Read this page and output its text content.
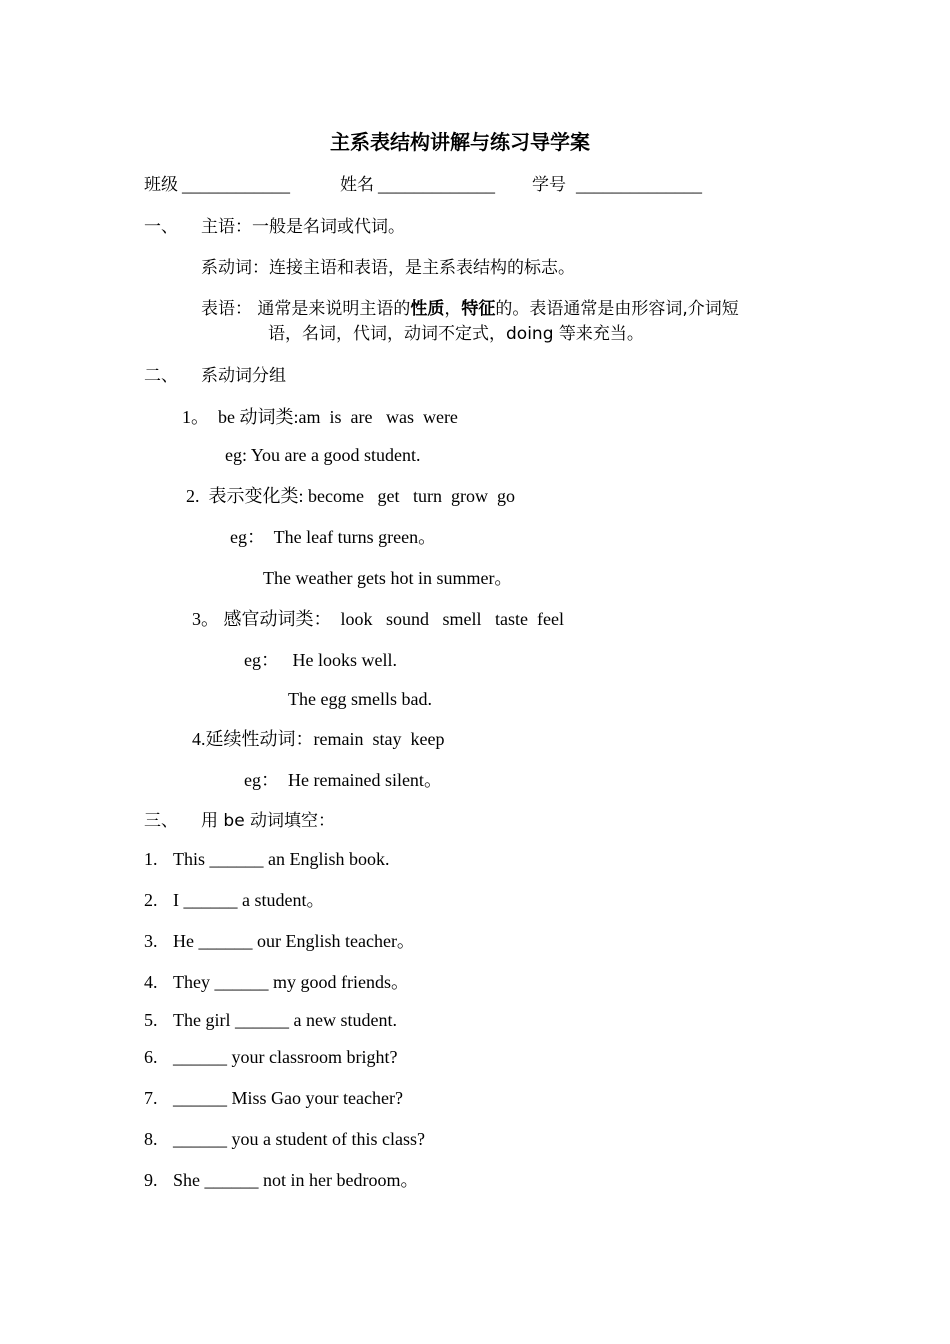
主系表结构讲解与练习导学案
班级 ____________	姓名 _____________ 学号 ______________
一、 主语：一般是名词或代词。
系动词：连接主语和表语，是主系表结构的标志。
表语： 通常是来说明主语的性质，特征的。表语通常是由形容词,介词短
语，名词，代词，动词不定式，doing 等来充当。
二、 系动词分组
1。  be 动词类:am  is  are   was  were
eg: You are a good student.
2.  表示变化类: become   get   turn  grow  go
eg：  The leaf turns green。
The weather gets hot in summer。
3。 感官动词类：  look   sound   smell   taste  feel
eg：   He looks well.
The egg smells bad.
4.延续性动词：remain  stay  keep
eg：  He remained silent。
三、 用 be 动词填空：
1. This ______ an English book.
2. I ______ a student。
3. He ______ our English teacher。
4. They ______ my good friends。
5. The girl ______ a new student.
6. ______ your classroom bright?
7. ______ Miss Gao your teacher?
8. ______ you a student of this class?
9. She ______ not in her bedroom。
